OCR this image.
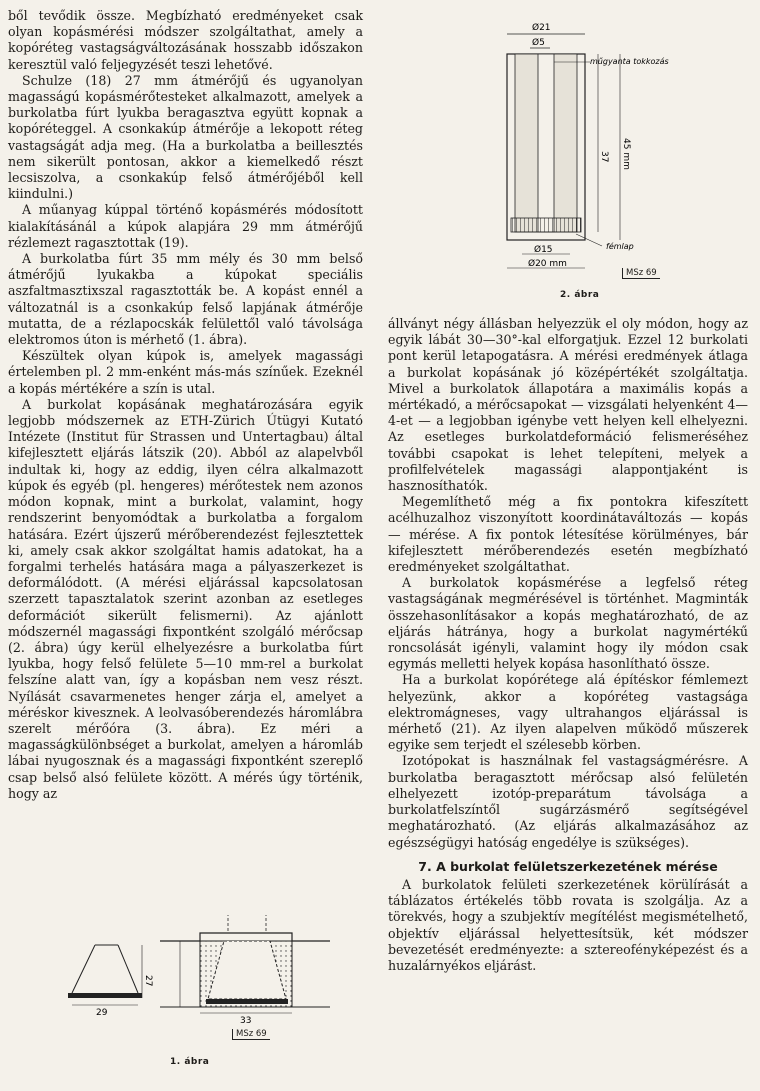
ből tevődik össze. Megbízható eredményeket csak olyan kopásmérési módszer szolgáltathat, amely a kopóréteg vastagságváltozásának hosszabb időszakon keresztül való feljegyzését teszi lehetővé.

Schulze (18) 27 mm átmérőjű és ugyanolyan magasságú kopásmérőtesteket alkalmazott, amelyek a burkolatba fúrt lyukba beragasztva együtt kopnak a kopóréteggel. A csonkakúp átmérője a lekopott réteg vastagságát adja meg. (Ha a burkolatba a beillesztés nem sikerült pontosan, akkor a kiemelkedő részt lecsiszolva, a csonkakúp felső átmérőjéből kell kiindulni.)

A műanyag kúppal történő kopásmérés módosított kialakításánál a kúpok alapjára 29 mm átmérőjű rézlemezt ragasztottak (19).

A burkolatba fúrt 35 mm mély és 30 mm belső átmérőjű lyukakba a kúpokat speciális aszfaltmasztixszal ragasztották be. A kopást ennél a változatnál is a csonkakúp felső lapjának átmérője mutatta, de a rézlapocskák felülettől való távolsága elektromos úton is mérhető (1. ábra).

Készültek olyan kúpok is, amelyek magassági értelemben pl. 2 mm-enként más-más színűek. Ezeknél a kopás mértékére a szín is utal.

A burkolat kopásának meghatározására egyik legjobb módszernek az ETH-Zürich Útügyi Kutató Intézete (Institut für Strassen und Untertagbau) által kifejlesztett eljárás látszik (20). Abból az alapelvből indultak ki, hogy az eddig, ilyen célra alkalmazott kúpok és egyéb (pl. hengeres) mérőtestek nem azonos módon kopnak, mint a burkolat, valamint, hogy rendszerint benyomódtak a burkolatba a forgalom hatására. Ezért újszerű mérőberendezést fejlesztettek ki, amely csak akkor szolgáltat hamis adatokat, ha a forgalmi terhelés hatására maga a pályaszerkezet is deformálódott. (A mérési eljárással kapcsolatosan szerzett tapasztalatok szerint azonban az esetleges deformációt sikerült felismerni). Az ajánlott módszernél magassági fixpontként szolgáló mérőcsap (2. ábra) úgy kerül elhelyezésre a burkolatba fúrt lyukba, hogy felső felülete 5—10 mm-rel a burkolat felszíne alatt van, így a kopásban nem vesz részt. Nyílását csavarmenetes henger zárja el, amelyet a méréskor kivesznek. A leolvasóberendezés háromlábra szerelt mérőóra (3. ábra). Ez méri a magasságkülönbséget a burkolat, amelyen a háromláb lábai nyugosznak és a magassági fixpontként szereplő csap belső alsó felülete között. A mérés úgy történik, hogy az

állványt négy állásban helyezzük el oly módon, hogy az egyik lábát 30—30°-kal elforgatjuk. Ezzel 12 burkolati pont kerül letapogatásra. A mérési eredmények átlaga a burkolat kopásának jó középértékét szolgáltatja. Mivel a burkolatok állapotára a maximális kopás a mértékadó, a mérőcsapokat — vizsgálati helyenként 4—4-et — a legjobban igénybe vett helyen kell elhelyezni. Az esetleges burkolatdeformáció felismeréséhez további csapokat is lehet telepíteni, melyek a profilfelvételek magassági alappontjaként is hasznosíthatók.

Megemlíthető még a fix pontokra kifeszített acélhuzalhoz viszonyított koordinátaváltozás — kopás — mérése. A fix pontok létesítése körülményes, bár kifejlesztett mérőberendezés esetén megbízható eredményeket szolgáltathat.

A burkolatok kopásmérése a legfelső réteg vastagságának megmérésével is történhet. Magminták összehasonlításakor a kopás meghatározható, de az eljárás hátránya, hogy a burkolat nagymértékű roncsolását igényli, valamint hogy ily módon csak egymás melletti helyek kopása hasonlítható össze.

Ha a burkolat kopórétege alá építéskor fémlemezt helyezünk, akkor a kopóréteg vastagsága elektromágneses, vagy ultrahangos eljárással is mérhető (21). Az ilyen alapelven működő műszerek egyike sem terjedt el szélesebb körben.

Izotópokat is használnak fel vastagságmérésre. A burkolatba beragasztott mérőcsap alsó felületén elhelyezett izotóp-preparátum távolsága a burkolatfelszíntől sugárzásmérő segítségével meghatározható. (Az eljárás alkalmazásához az egészségügyi hatóság engedélye is szükséges).

7. A burkolat felületszerkezetének mérése

A burkolatok felületi szerkezetének körülírását a táblázatos értékelés több rovata is szolgálja. Az a törekvés, hogy a szubjektív megítélést megismételhető, objektív eljárással helyettesítsük, két módszer bevezetését eredményezte: a sztereofényképezést és a huzalárnyékos eljárást.

Ø21
Ø5
műgyanta tokkozás
fémlap
37 45 mm
Ø15
Ø20 mm
MSz 69
2. ábra
29
27
33
MSz 69
1. ábra
